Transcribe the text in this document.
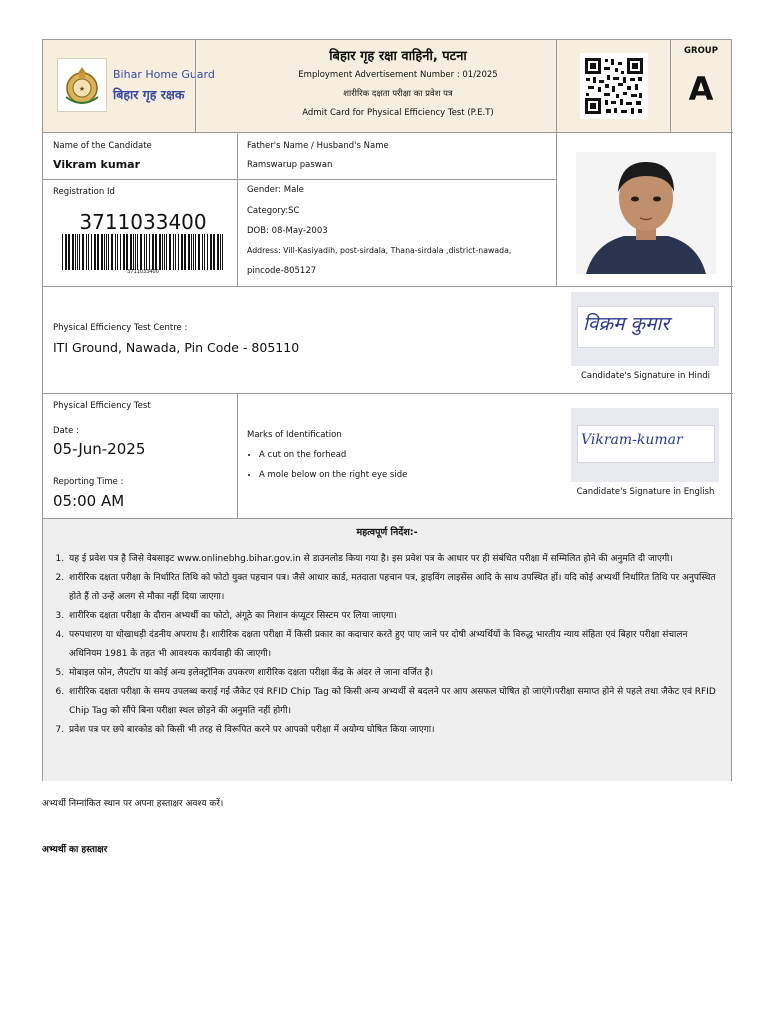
★
Bihar Home Guard
बिहार गृह रक्षक
बिहार गृह रक्षा वाहिनी, पटना
Employment Advertisement Number : 01/2025
शारीरिक दक्षता परीक्षा का प्रवेश पत्र
Admit Card for Physical Efficiency Test (P.E.T)
GROUP
A
Name of the Candidate
Vikram kumar
Father's Name / Husband's Name
Ramswarup paswan
Registration Id
3711033400
3711033400
Gender: Male
Category:SC
DOB: 08-May-2003
Address: Vill-Kasiyadih, post-sirdala, Thana-sirdala ,district-nawada,
pincode-805127
Physical Efficiency Test Centre :
ITI Ground, Nawada, Pin Code - 805110
विक्रम कुमार
Candidate's Signature in Hindi
Physical Efficiency Test
Date :
05-Jun-2025
Reporting Time :
05:00 AM
Marks of Identification
• A cut on the forhead
• A mole below on the right eye side
Vikram-kumar
Candidate's Signature in English
महत्वपूर्ण निर्देश:-
1. यह ई प्रवेश पत्र है जिसे वेबसाइट www.onlinebhg.bihar.gov.in से डाउनलोड किया गया है। इस प्रवेश पत्र के आधार पर ही संबंधित परीक्षा में सम्मिलित होने की अनुमति दी जाएगी।
2. शारीरिक दक्षता परीक्षा के निर्धारित तिथि को फोटो युक्त पहचान पत्र। जैसे आधार कार्ड, मतदाता पहचान पत्र, ड्राइविंग लाइसेंस आदि के साथ उपस्थित हों। यदि कोई अभ्यर्थी निर्धारित तिथि पर अनुपस्थित होते हैं तो उन्हें अलग से मौका नहीं दिया जाएगा।
3. शारीरिक दक्षता परीक्षा के दौरान अभ्यर्थी का फोटो, अंगूठे का निशान कंप्यूटर सिस्टम पर लिया जाएगा।
4. परुपधारण या धोखाधड़ी दंडनीय अपराध है। शारीरिक दक्षता परीक्षा में किसी प्रकार का कदाचार करते हुए पाए जाने पर दोषी अभ्यर्थियों के विरुद्ध भारतीय न्याय संहिता एवं बिहार परीक्षा संचालन अधिनियम 1981 के तहत भी आवश्यक कार्यवाही की जाएगी।
5. मोबाइल फोन, लैपटॉप या कोई अन्य इलेक्ट्रॉनिक उपकरण शारीरिक दक्षता परीक्षा केंद्र के अंदर ले जाना वर्जित है।
6. शारीरिक दक्षता परीक्षा के समय उपलब्ध कराई गई जैकेट एवं RFID Chip Tag को किसी अन्य अभ्यर्थी से बदलने पर आप असफल घोषित हो जाएंगे।परीक्षा समाप्त होने से पहले तथा जैकेट एवं RFID Chip Tag को सौंपे बिना परीक्षा स्थल छोड़ने की अनुमति नहीं होगी।
7. प्रवेश पत्र पर छपे बारकोड को किसी भी तरह से विरूपित करने पर आपको परीक्षा में अयोग्य घोषित किया जाएगा।
अभ्यर्थी निम्नांकित स्थान पर अपना हस्ताक्षर अवश्य करें।
अभ्यर्थी का हस्ताक्षर
